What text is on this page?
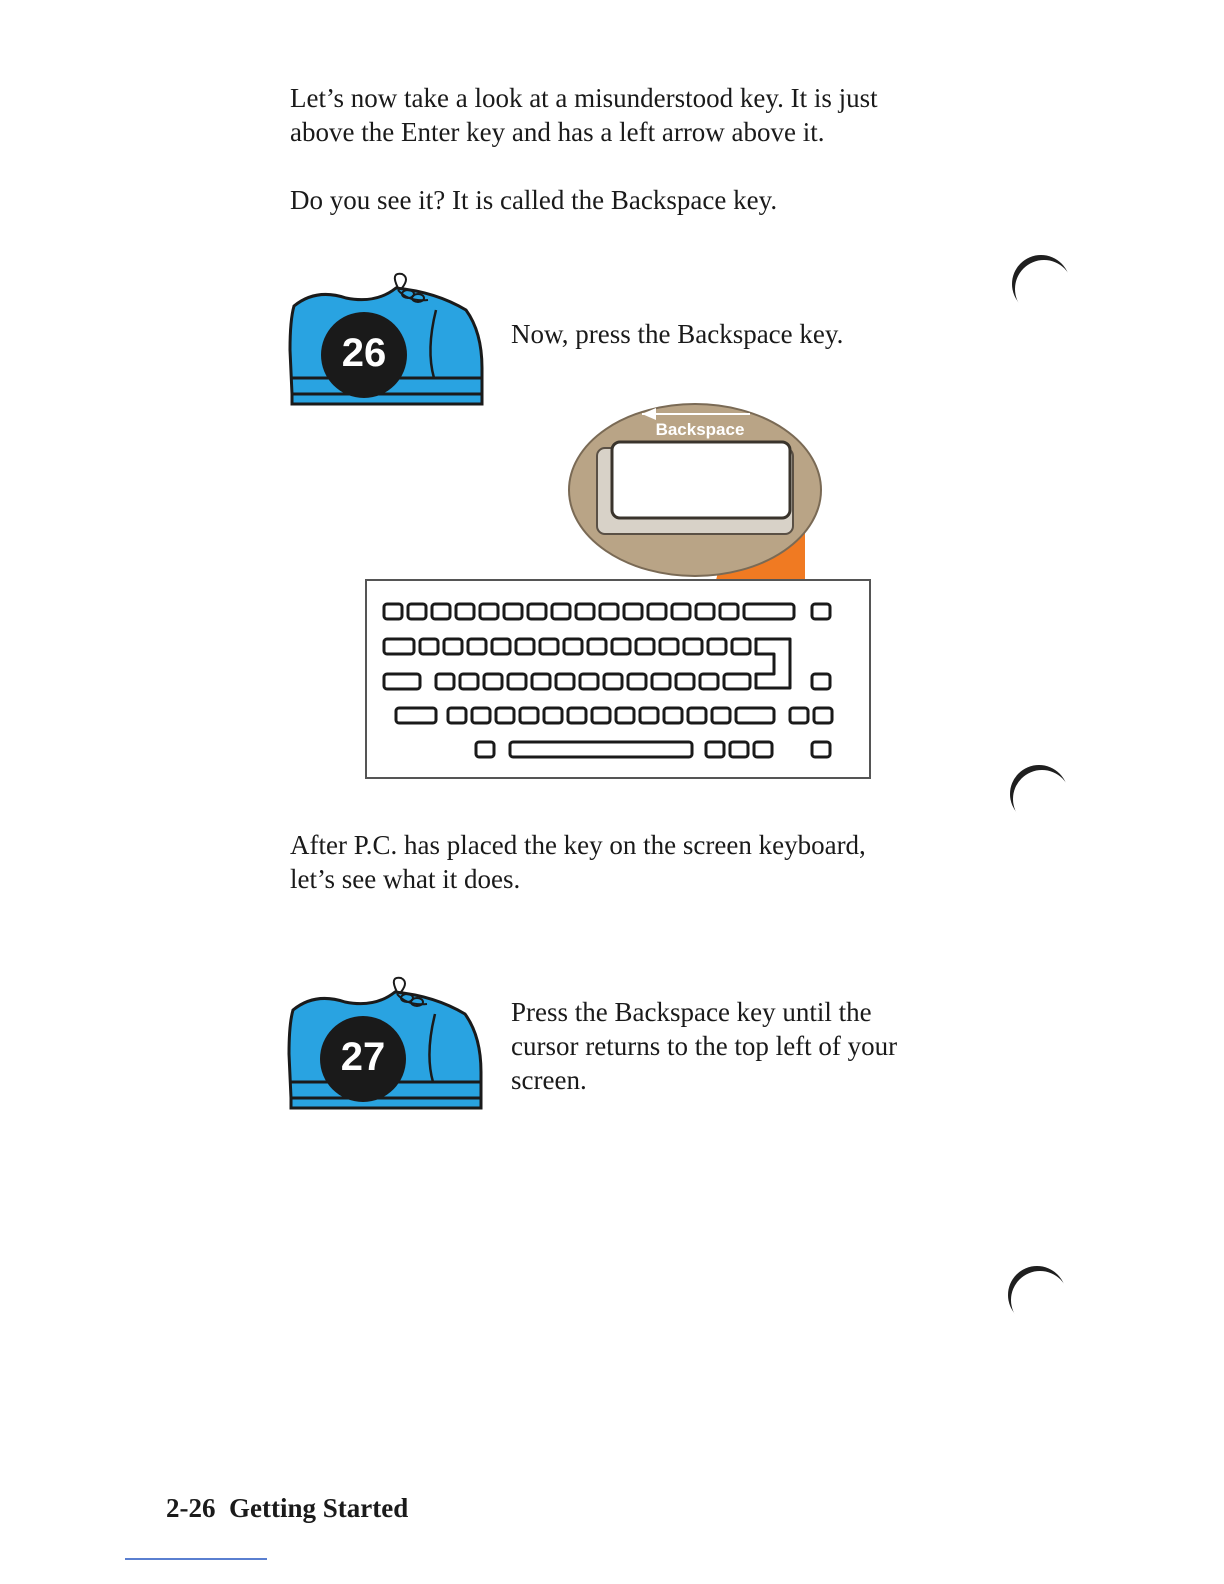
Let’s now take a look at a misunderstood key. It is just
above the Enter key and has a left arrow above it.

Do you see it? It is called the Backspace key.

26	Now, press the Backspace key.

Backspace

After P.C. has placed the key on the screen keyboard,
let’s see what it does.

27

Press the Backspace key until the
cursor returns to the top left of your
screen.

2-26 Getting Started
